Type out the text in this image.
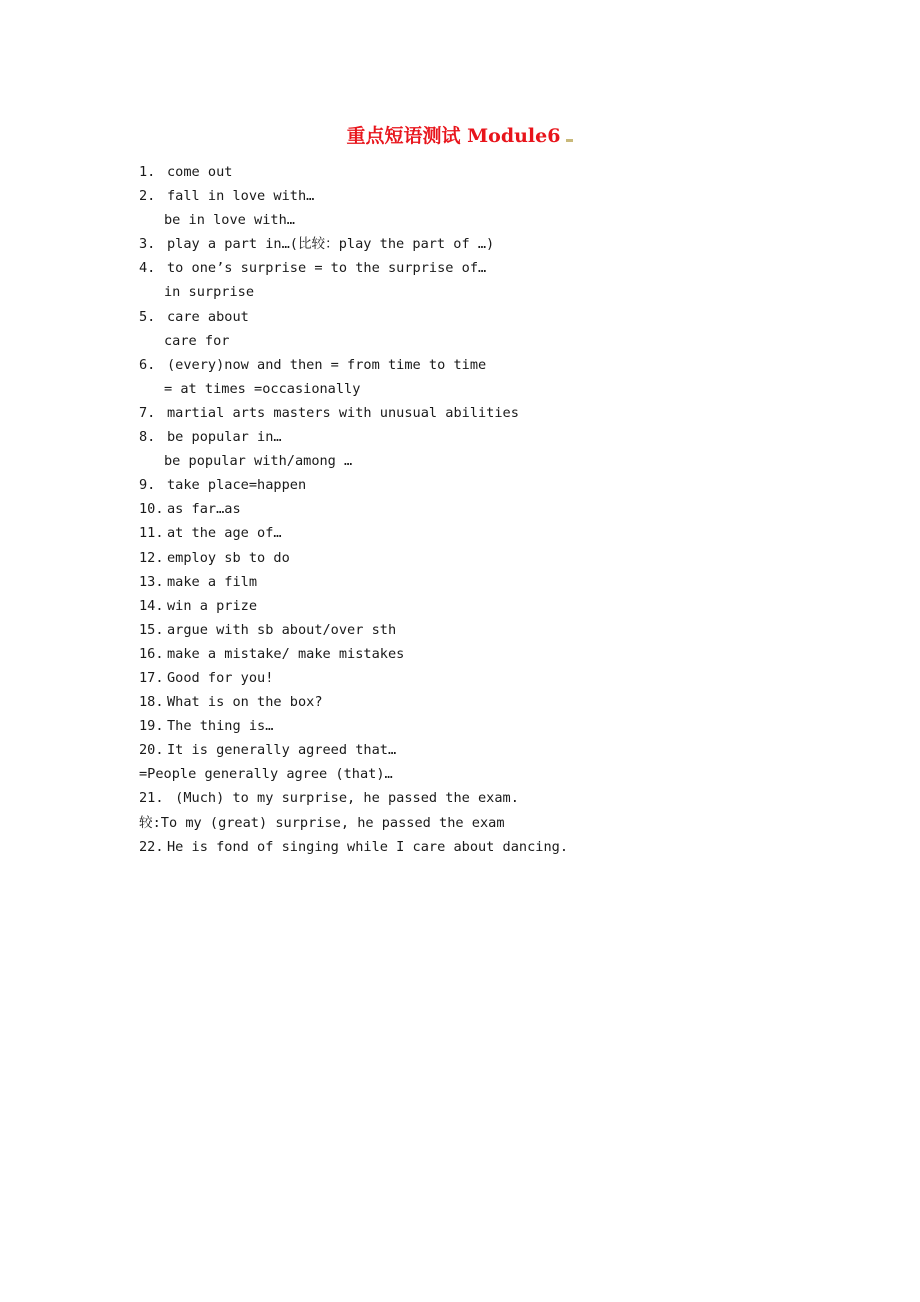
重点短语测试 Module6
1. come out
2. fall in love with…
be in love with…
3. play a part in…(比较：play the part of …)
4. to one’s surprise = to the surprise of…
in surprise
5. care about
care for
6. (every)now and then = from time to time
= at times =occasionally
7. martial arts masters with unusual abilities
8. be popular in…
be popular with/among …
9. take place=happen
10. as far…as
11. at the age of…
12. employ sb to do
13. make a film
14. win a prize
15. argue with sb about/over sth
16. make a mistake/ make mistakes
17. Good for you!
18. What is on the box?
19. The thing is…
20. It is generally agreed that…
=People generally agree (that)…
21. (Much) to my surprise, he passed the exam.
较:To my (great) surprise, he passed the exam
22. He is fond of singing while I care about dancing.
